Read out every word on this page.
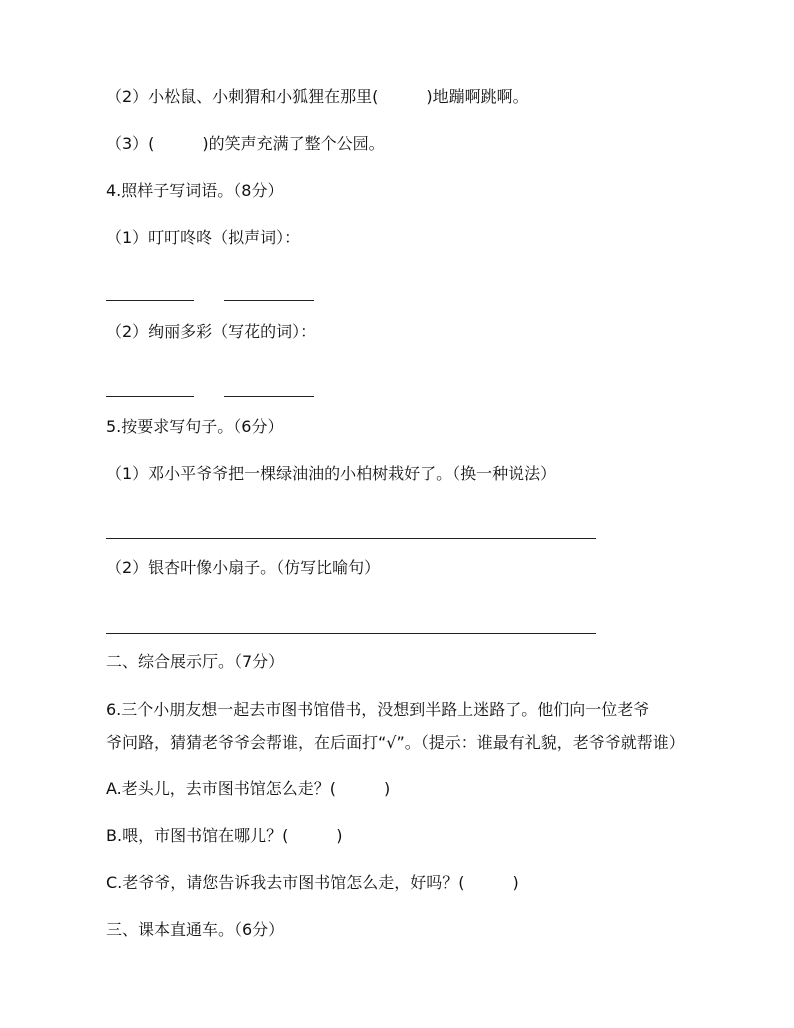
（2）小松鼠、小刺猬和小狐狸在那里(　　　)地蹦啊跳啊。
（3）(　　　)的笑声充满了整个公园。
4.照样子写词语。（8分）
（1）叮叮咚咚（拟声词）：
（2）绚丽多彩（写花的词）：
5.按要求写句子。（6分）
（1）邓小平爷爷把一棵绿油油的小柏树栽好了。（换一种说法）
（2）银杏叶像小扇子。（仿写比喻句）
二、综合展示厅。（7分）
6.三个小朋友想一起去市图书馆借书，没想到半路上迷路了。他们向一位老爷
爷问路，猜猜老爷爷会帮谁，在后面打“√”。（提示：谁最有礼貌，老爷爷就帮谁）
A.老头儿，去市图书馆怎么走？(　　　)
B.喂，市图书馆在哪儿？(　　　)
C.老爷爷，请您告诉我去市图书馆怎么走，好吗？(　　　)
三、课本直通车。（6分）
